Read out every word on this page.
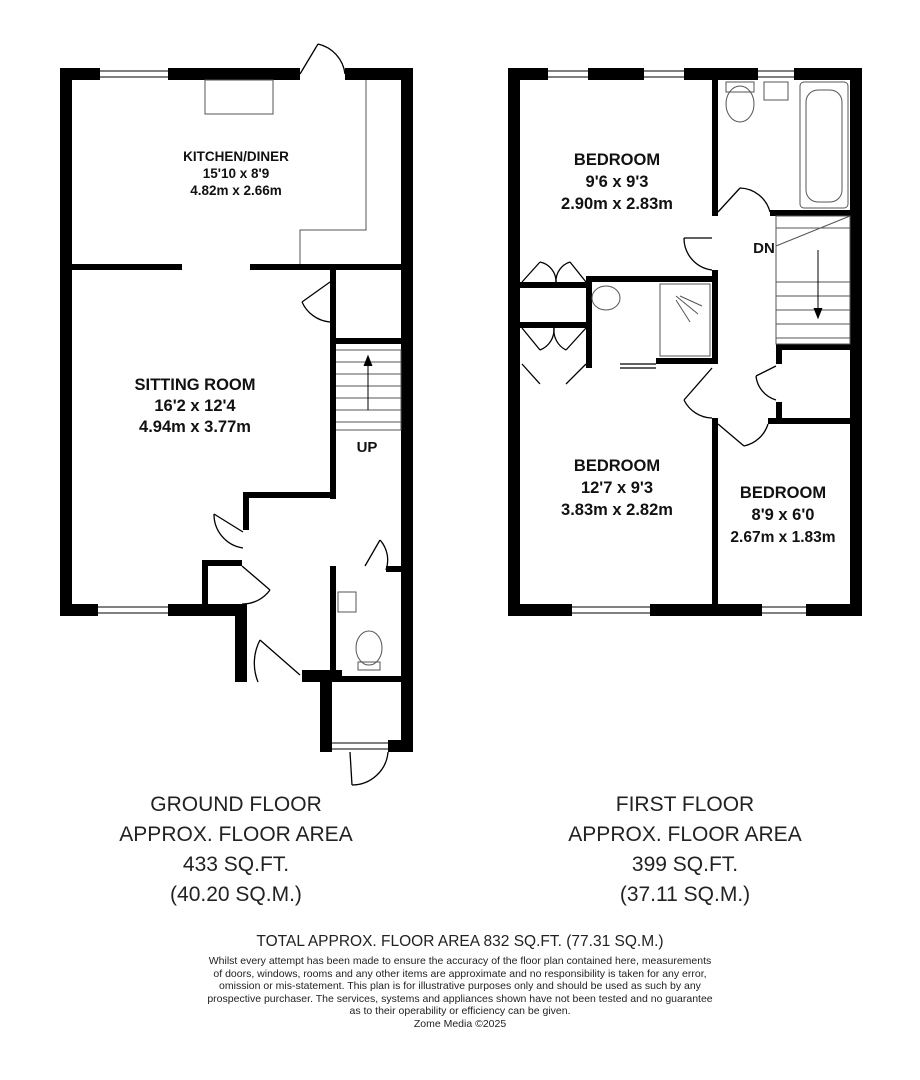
KITCHEN/DINER
15'10 x 8'9
4.82m x 2.66m
SITTING ROOM
16'2 x 12'4
4.94m x 3.77m
UP
BEDROOM
9'6 x 9'3
2.90m x 2.83m
BEDROOM
12'7 x 9'3
3.83m x 2.82m
BEDROOM
8'9 x 6'0
2.67m x 1.83m
DN
GROUND FLOOR
APPROX. FLOOR AREA
433 SQ.FT.
(40.20 SQ.M.)
FIRST FLOOR
APPROX. FLOOR AREA
399 SQ.FT.
(37.11 SQ.M.)
TOTAL APPROX. FLOOR AREA 832 SQ.FT. (77.31 SQ.M.)
Whilst every attempt has been made to ensure the accuracy of the floor plan contained here, measurements
of doors, windows, rooms and any other items are approximate and no responsibility is taken for any error,
omission or mis-statement. This plan is for illustrative purposes only and should be used as such by any
prospective purchaser. The services, systems and appliances shown have not been tested and no guarantee
as to their operability or efficiency can be given.
Zome Media ©2025
